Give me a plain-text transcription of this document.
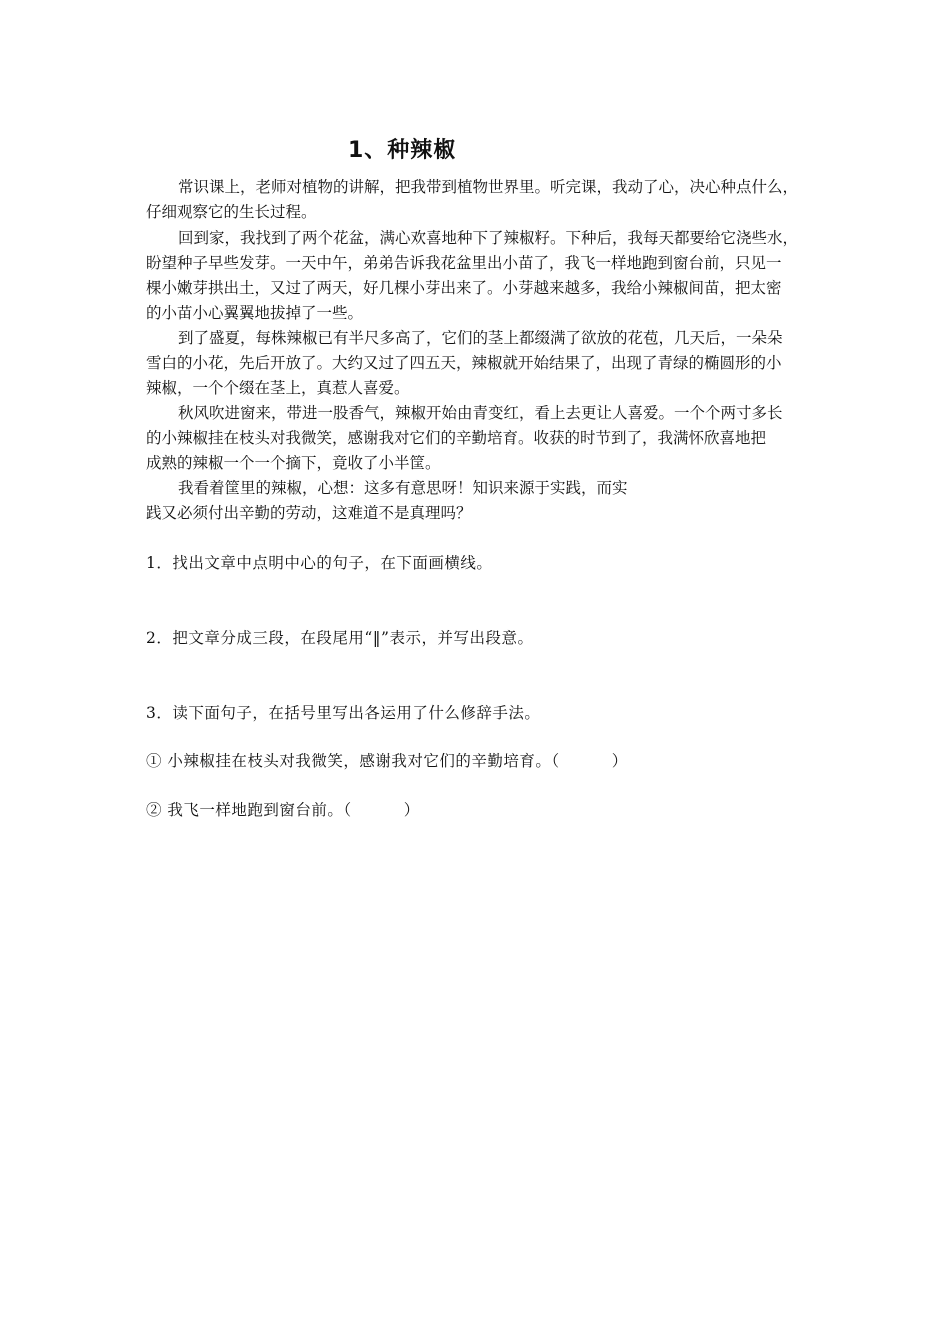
1、种辣椒
常识课上，老师对植物的讲解，把我带到植物世界里。听完课，我动了心，决心种点什么，
仔细观察它的生长过程。
回到家，我找到了两个花盆，满心欢喜地种下了辣椒籽。下种后，我每天都要给它浇些水，
盼望种子早些发芽。一天中午，弟弟告诉我花盆里出小苗了，我飞一样地跑到窗台前，只见一
棵小嫩芽拱出土，又过了两天，好几棵小芽出来了。小芽越来越多，我给小辣椒间苗，把太密
的小苗小心翼翼地拔掉了一些。
到了盛夏，每株辣椒已有半尺多高了，它们的茎上都缀满了欲放的花苞，几天后，一朵朵
雪白的小花，先后开放了。大约又过了四五天，辣椒就开始结果了，出现了青绿的椭圆形的小
辣椒，一个个缀在茎上，真惹人喜爱。
秋风吹进窗来，带进一股香气，辣椒开始由青变红，看上去更让人喜爱。一个个两寸多长
的小辣椒挂在枝头对我微笑，感谢我对它们的辛勤培育。收获的时节到了，我满怀欣喜地把
成熟的辣椒一个一个摘下，竟收了小半筐。
我看着筐里的辣椒，心想：这多有意思呀！知识来源于实践，而实
践又必须付出辛勤的劳动，这难道不是真理吗？
1．找出文章中点明中心的句子，在下面画横线。
2．把文章分成三段，在段尾用“‖”表示，并写出段意。
3．读下面句子，在括号里写出各运用了什么修辞手法。
① 小辣椒挂在枝头对我微笑，感谢我对它们的辛勤培育。（	）
② 我飞一样地跑到窗台前。（	）
